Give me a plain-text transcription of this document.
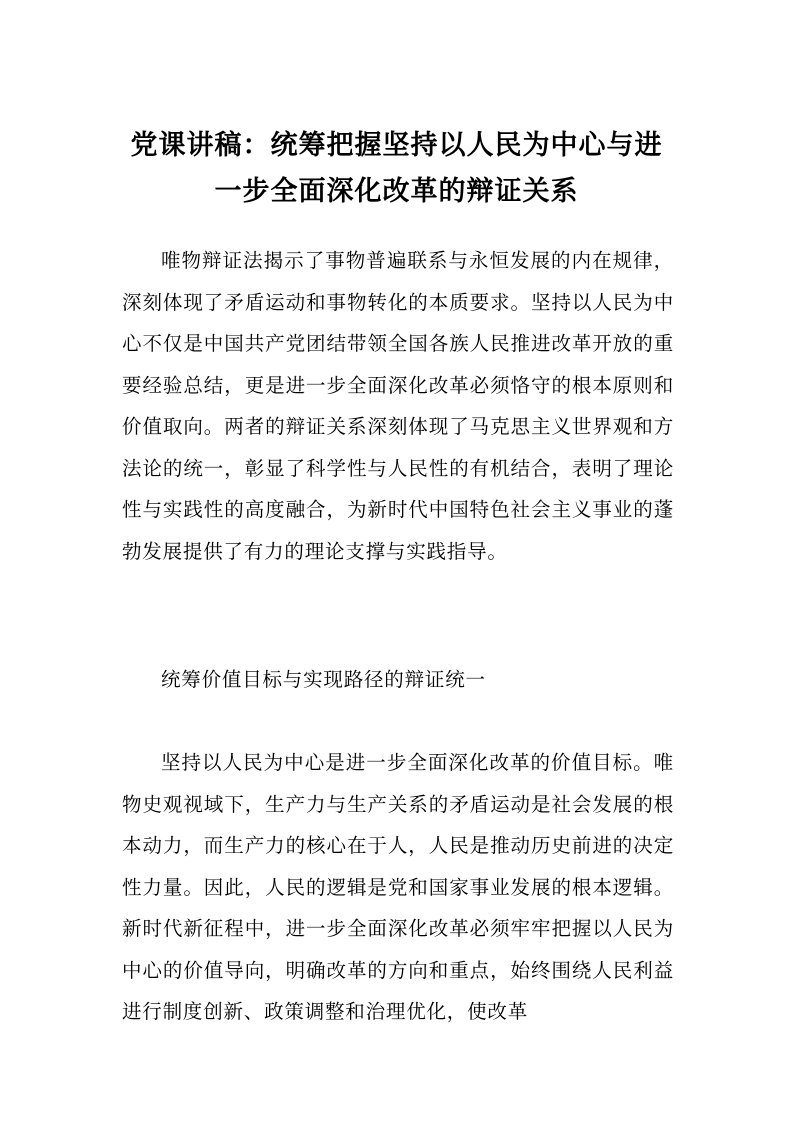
党课讲稿：统筹把握坚持以人民为中心与进
一步全面深化改革的辩证关系

唯物辩证法揭示了事物普遍联系与永恒发展的内在规律，深刻体现了矛盾运动和事物转化的本质要求。坚持以人民为中心不仅是中国共产党团结带领全国各族人民推进改革开放的重要经验总结，更是进一步全面深化改革必须恪守的根本原则和价值取向。两者的辩证关系深刻体现了马克思主义世界观和方法论的统一，彰显了科学性与人民性的有机结合，表明了理论性与实践性的高度融合，为新时代中国特色社会主义事业的蓬勃发展提供了有力的理论支撑与实践指导。

统筹价值目标与实现路径的辩证统一

坚持以人民为中心是进一步全面深化改革的价值目标。唯物史观视域下，生产力与生产关系的矛盾运动是社会发展的根本动力，而生产力的核心在于人，人民是推动历史前进的决定性力量。因此，人民的逻辑是党和国家事业发展的根本逻辑。新时代新征程中，进一步全面深化改革必须牢牢把握以人民为中心的价值导向，明确改革的方向和重点，始终围绕人民利益进行制度创新、政策调整和治理优化，使改革
